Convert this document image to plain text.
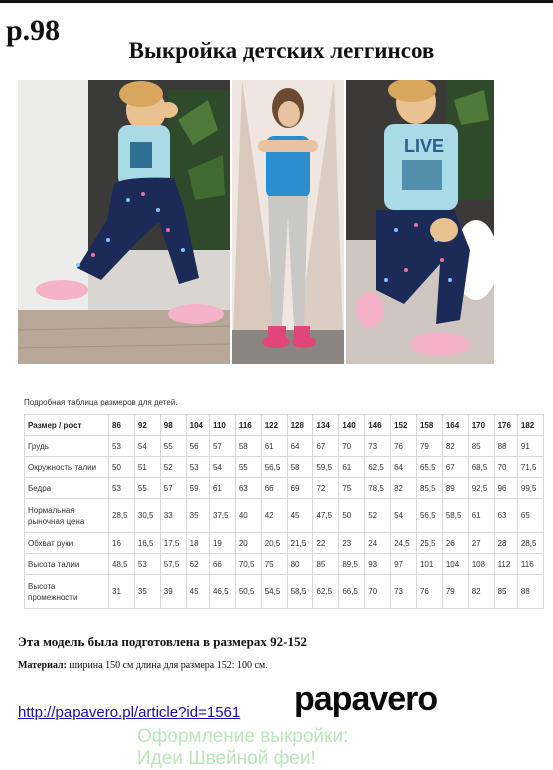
p.98
Выкройка детских леггинсов
LIVE
Подробная таблица размеров для детей.
Размер / рост	86	92	98	104	110	116	122	128	134	140	146	152	158	164	170	176	182
Грудь	53	54	55	56	57	58	61	64	67	70	73	76	79	82	85	88	91
Окружность талии	50	51	52	53	54	55	56,5	58	59,5	61	62,5	64	65,5	67	68,5	70	71,5
Бедра	53	55	57	59	61	63	66	69	72	75	78,5	82	85,5	89	92,5	96	99,5
Нормальная рыночная цена	28,5	30,5	33	35	37,5	40	42	45	47,5	50	52	54	56,5	58,5	61	63	65
Обхват руки	16	16,5	17,5	18	19	20	20,5	21,5	22	23	24	24,5	25,5	26	27	28	28,5
Высота талии	48,5	53	57,5	62	66	70,5	75	80	85	89,5	93	97	101	104	108	112	116
Высота промежности	31	35	39	45	46,5	50,5	54,5	58,5	62,5	66,5	70	73	76	79	82	85	88
Эта модель была подготовлена в размерах 92-152
Материал: ширина 150 см длина для размера 152: 100 см.
http://papavero.pl/article?id=1561 papavero
Оформление выкройки:
Идеи Швейной феи!
